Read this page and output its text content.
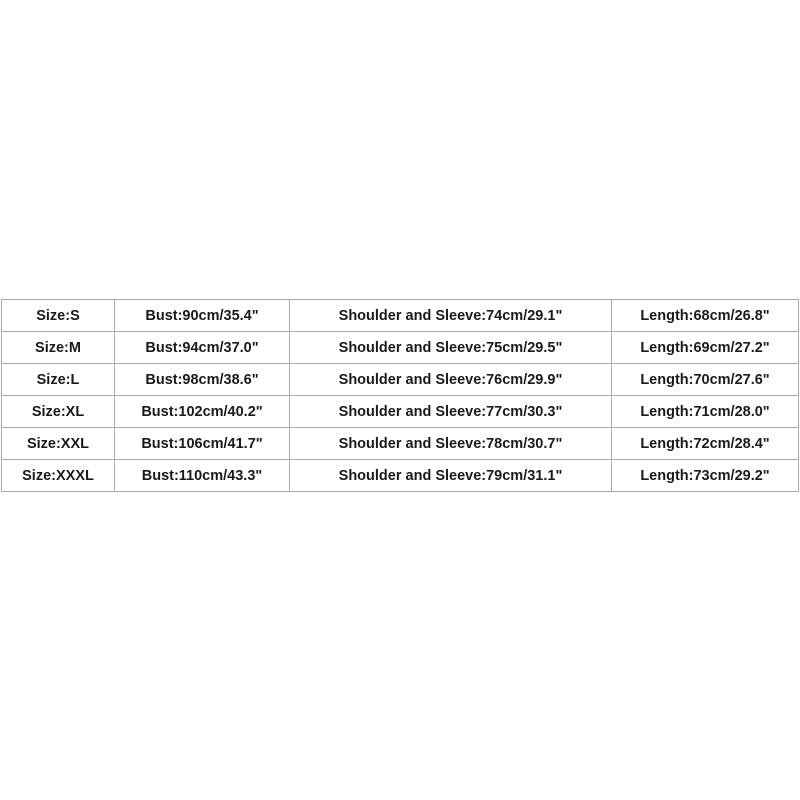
Size:S	Bust:90cm/35.4"	Shoulder and Sleeve:74cm/29.1"	Length:68cm/26.8"
Size:M	Bust:94cm/37.0"	Shoulder and Sleeve:75cm/29.5"	Length:69cm/27.2"
Size:L	Bust:98cm/38.6"	Shoulder and Sleeve:76cm/29.9"	Length:70cm/27.6"
Size:XL	Bust:102cm/40.2"	Shoulder and Sleeve:77cm/30.3"	Length:71cm/28.0"
Size:XXL	Bust:106cm/41.7"	Shoulder and Sleeve:78cm/30.7"	Length:72cm/28.4"
Size:XXXL	Bust:110cm/43.3"	Shoulder and Sleeve:79cm/31.1"	Length:73cm/29.2"
